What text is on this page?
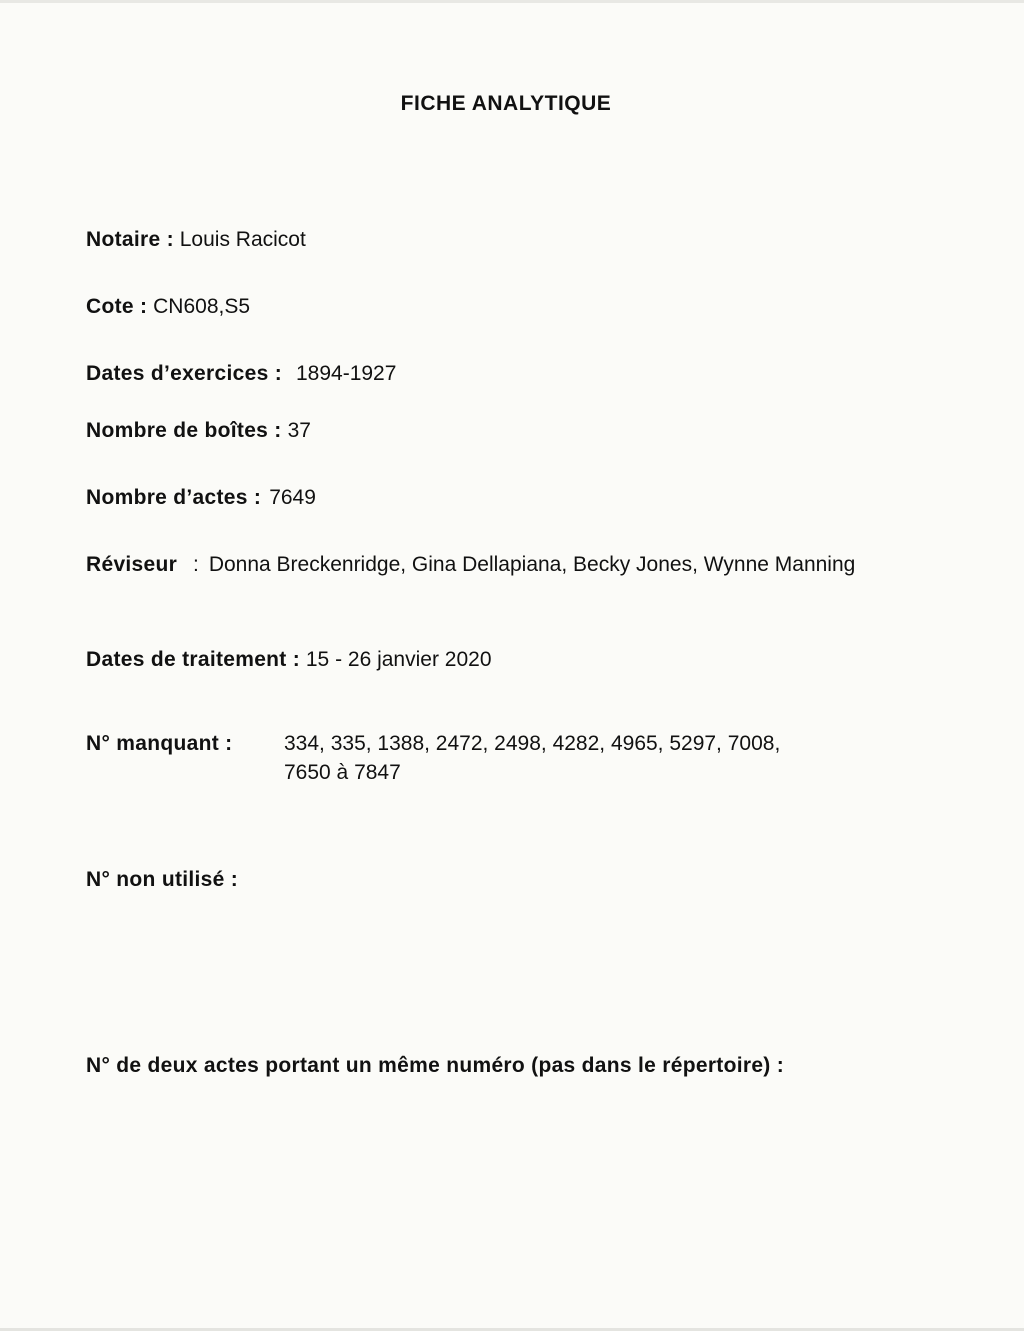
FICHE ANALYTIQUE
Notaire : Louis Racicot
Cote : CN608,S5
Dates d’exercices : 1894-1927
Nombre de boîtes : 37
Nombre d’actes : 7649
Réviseur : Donna Breckenridge, Gina Dellapiana, Becky Jones, Wynne Manning
Dates de traitement : 15 - 26 janvier 2020
N° manquant : 334, 335, 1388, 2472, 2498, 4282, 4965, 5297, 7008,
7650 à 7847
N° non utilisé :
N° de deux actes portant un même numéro (pas dans le répertoire) :
